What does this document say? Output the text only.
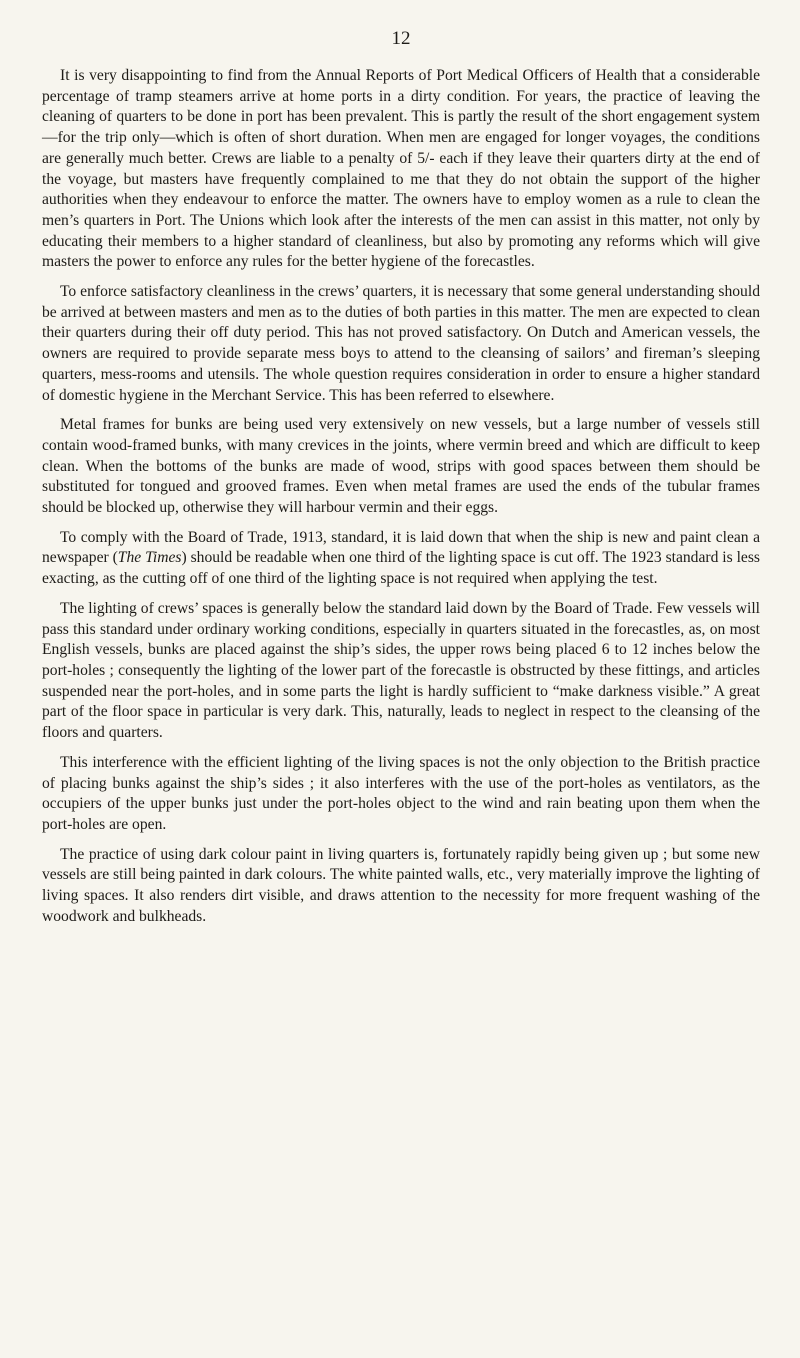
12

It is very disappointing to find from the Annual Reports of Port Medical Officers of Health that a considerable percentage of tramp steamers arrive at home ports in a dirty condition. For years, the practice of leaving the cleaning of quarters to be done in port has been prevalent. This is partly the result of the short engagement system—for the trip only—which is often of short duration. When men are engaged for longer voyages, the conditions are generally much better. Crews are liable to a penalty of 5/- each if they leave their quarters dirty at the end of the voyage, but masters have frequently complained to me that they do not obtain the support of the higher authorities when they endeavour to enforce the matter. The owners have to employ women as a rule to clean the men’s quarters in Port. The Unions which look after the interests of the men can assist in this matter, not only by educating their members to a higher standard of cleanliness, but also by promoting any reforms which will give masters the power to enforce any rules for the better hygiene of the forecastles.

To enforce satisfactory cleanliness in the crews’ quarters, it is necessary that some general understanding should be arrived at between masters and men as to the duties of both parties in this matter. The men are expected to clean their quarters during their off duty period. This has not proved satisfactory. On Dutch and American vessels, the owners are required to provide separate mess boys to attend to the cleansing of sailors’ and fireman’s sleeping quarters, mess-rooms and utensils. The whole question requires consideration in order to ensure a higher standard of domestic hygiene in the Merchant Service. This has been referred to elsewhere.

Metal frames for bunks are being used very extensively on new vessels, but a large number of vessels still contain wood-framed bunks, with many crevices in the joints, where vermin breed and which are difficult to keep clean. When the bottoms of the bunks are made of wood, strips with good spaces between them should be substituted for tongued and grooved frames. Even when metal frames are used the ends of the tubular frames should be blocked up, otherwise they will harbour vermin and their eggs.

To comply with the Board of Trade, 1913, standard, it is laid down that when the ship is new and paint clean a newspaper (The Times) should be readable when one third of the lighting space is cut off. The 1923 standard is less exacting, as the cutting off of one third of the lighting space is not required when applying the test.

The lighting of crews’ spaces is generally below the standard laid down by the Board of Trade. Few vessels will pass this standard under ordinary working conditions, especially in quarters situated in the forecastles, as, on most English vessels, bunks are placed against the ship’s sides, the upper rows being placed 6 to 12 inches below the port-holes ; consequently the lighting of the lower part of the forecastle is obstructed by these fittings, and articles suspended near the port-holes, and in some parts the light is hardly sufficient to “make darkness visible.” A great part of the floor space in particular is very dark. This, naturally, leads to neglect in respect to the cleansing of the floors and quarters.

This interference with the efficient lighting of the living spaces is not the only objection to the British practice of placing bunks against the ship’s sides ; it also interferes with the use of the port-holes as ventilators, as the occupiers of the upper bunks just under the port-holes object to the wind and rain beating upon them when the port-holes are open.

The practice of using dark colour paint in living quarters is, fortunately rapidly being given up ; but some new vessels are still being painted in dark colours. The white painted walls, etc., very materially improve the lighting of living spaces. It also renders dirt visible, and draws attention to the necessity for more frequent washing of the woodwork and bulkheads.
